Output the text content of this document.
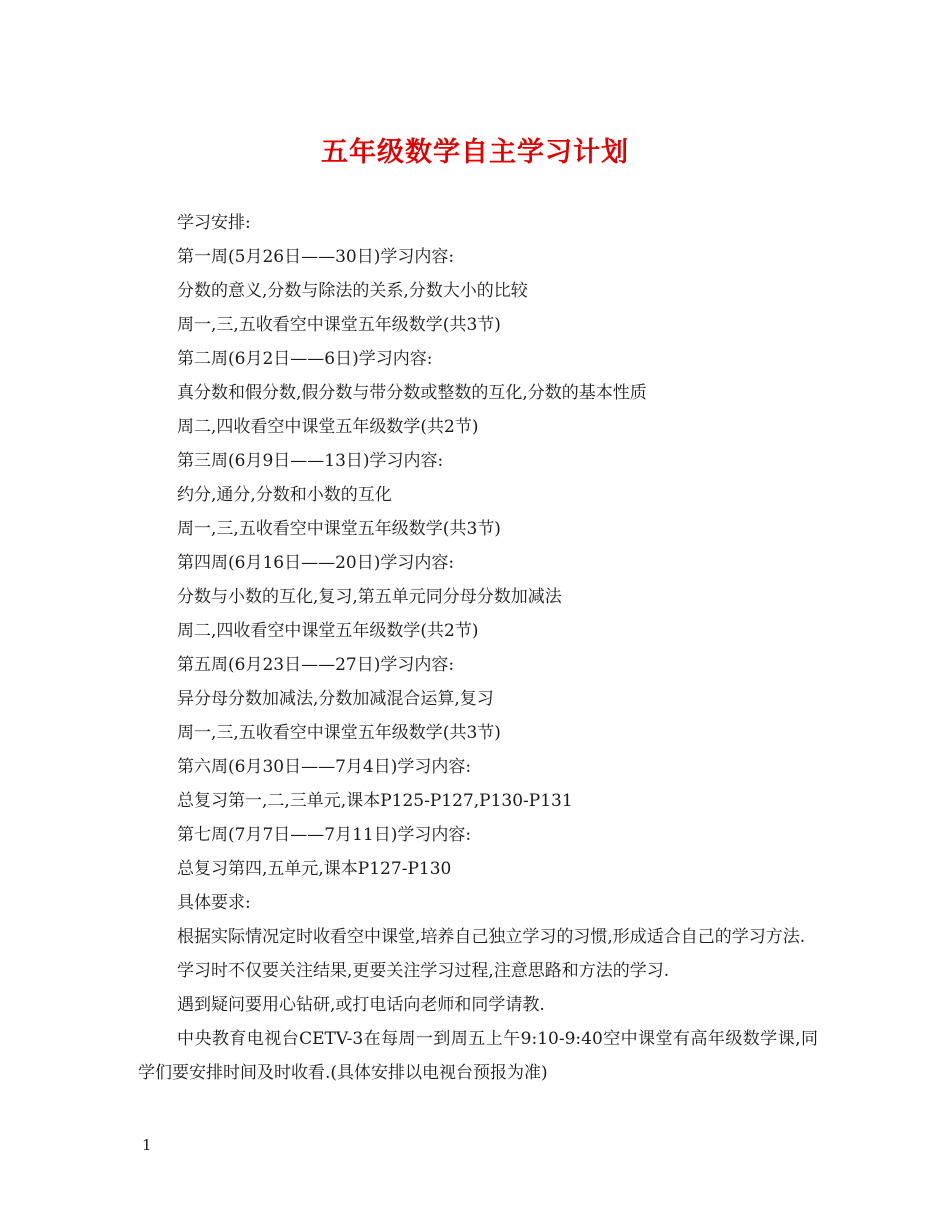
五年级数学自主学习计划

学习安排:

第一周(5月26日——30日)学习内容:

分数的意义,分数与除法的关系,分数大小的比较

周一,三,五收看空中课堂五年级数学(共3节)

第二周(6月2日——6日)学习内容:

真分数和假分数,假分数与带分数或整数的互化,分数的基本性质

周二,四收看空中课堂五年级数学(共2节)

第三周(6月9日——13日)学习内容:

约分,通分,分数和小数的互化

周一,三,五收看空中课堂五年级数学(共3节)

第四周(6月16日——20日)学习内容:

分数与小数的互化,复习,第五单元同分母分数加减法

周二,四收看空中课堂五年级数学(共2节)

第五周(6月23日——27日)学习内容:

异分母分数加减法,分数加减混合运算,复习

周一,三,五收看空中课堂五年级数学(共3节)

第六周(6月30日——7月4日)学习内容:

总复习第一,二,三单元,课本P125-P127,P130-P131

第七周(7月7日——7月11日)学习内容:

总复习第四,五单元,课本P127-P130

具体要求:

根据实际情况定时收看空中课堂,培养自己独立学习的习惯,形成适合自己的学习方法.

学习时不仅要关注结果,更要关注学习过程,注意思路和方法的学习.

遇到疑问要用心钻研,或打电话向老师和同学请教.

中央教育电视台CETV-3在每周一到周五上午9:10-9:40空中课堂有高年级数学课,同学们要安排时间及时收看.(具体安排以电视台预报为准)

1
